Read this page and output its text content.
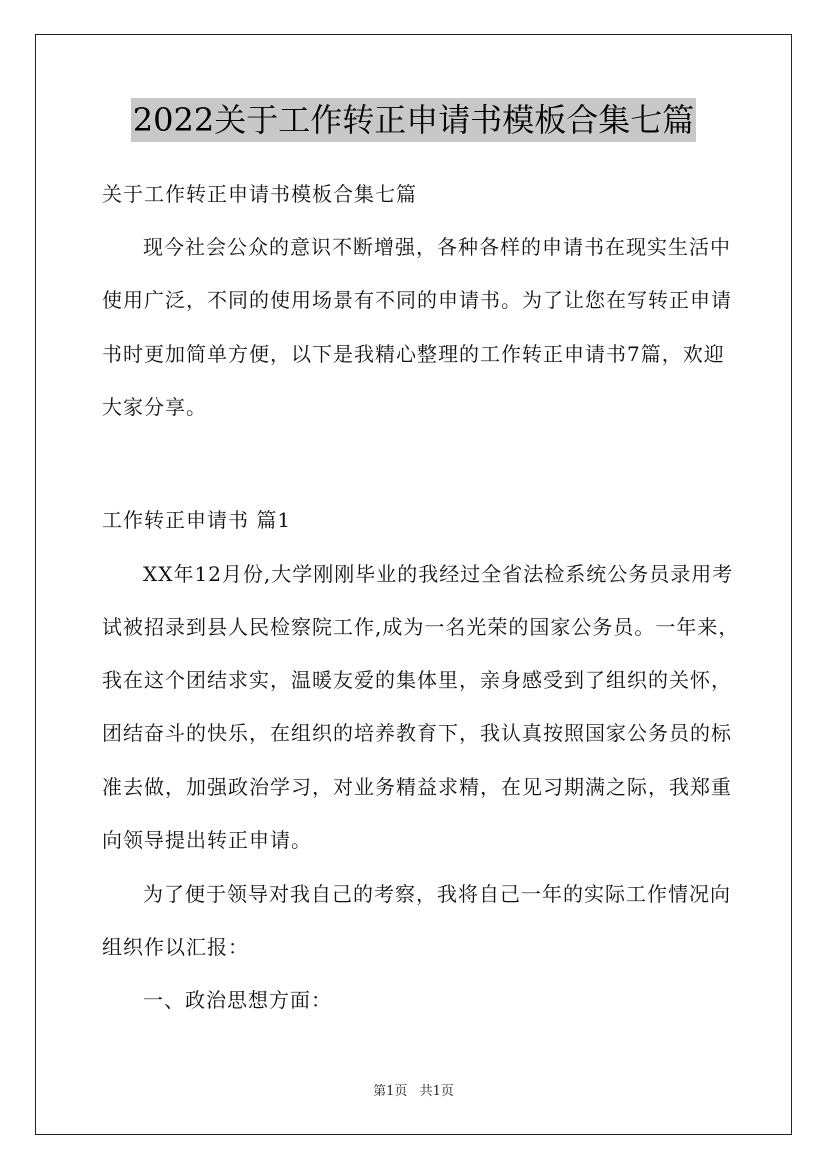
2022关于工作转正申请书模板合集七篇
关于工作转正申请书模板合集七篇
现今社会公众的意识不断增强，各种各样的申请书在现实生活中
使用广泛，不同的使用场景有不同的申请书。为了让您在写转正申请
书时更加简单方便，以下是我精心整理的工作转正申请书7篇，欢迎
大家分享。
工作转正申请书 篇1
XX年12月份,大学刚刚毕业的我经过全省法检系统公务员录用考
试被招录到县人民检察院工作,成为一名光荣的国家公务员。一年来，
我在这个团结求实，温暖友爱的集体里，亲身感受到了组织的关怀，
团结奋斗的快乐，在组织的培养教育下，我认真按照国家公务员的标
准去做，加强政治学习，对业务精益求精，在见习期满之际，我郑重
向领导提出转正申请。
为了便于领导对我自己的考察，我将自己一年的实际工作情况向
组织作以汇报：
一、政治思想方面：
第1页 共1页
